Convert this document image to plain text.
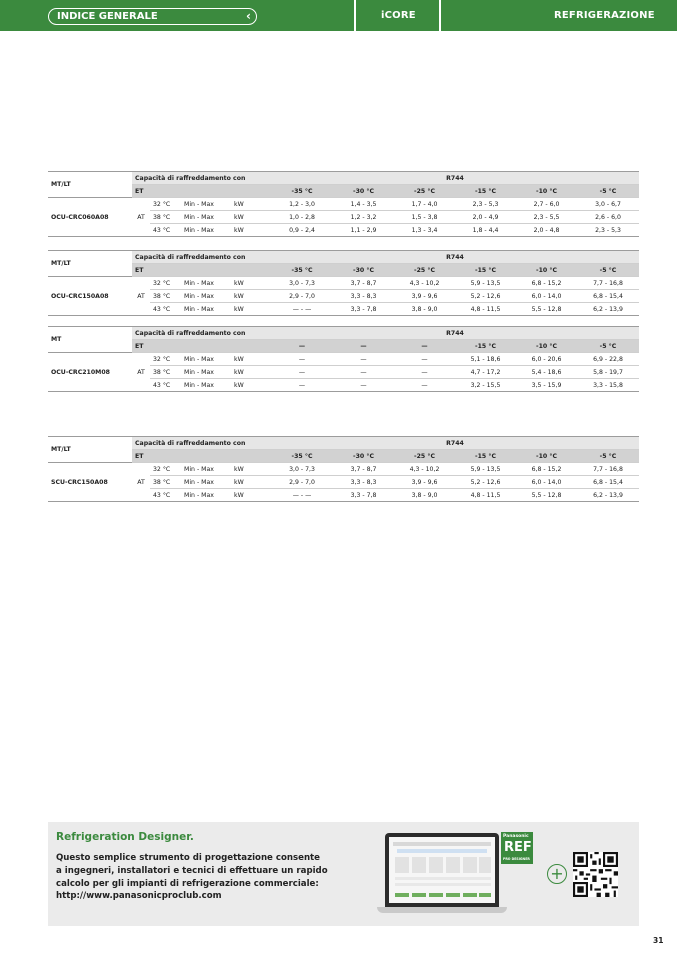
INDICE GENERALE	‹	iCORE	REFRIGERAZIONE
MT/LT	Capacità di raffreddamento con				R744					
	ET				-35 °C	-30 °C	-25 °C	-15 °C	-10 °C	-5 °C
OCU-CRC060A08	AT	32 °C	Min - Max	kW	1,2 - 3,0	1,4 - 3,5	1,7 - 4,0	2,3 - 5,3	2,7 - 6,0	3,0 - 6,7
		38 °C	Min - Max	kW	1,0 - 2,8	1,2 - 3,2	1,5 - 3,8	2,0 - 4,9	2,3 - 5,5	2,6 - 6,0
		43 °C	Min - Max	kW	0,9 - 2,4	1,1 - 2,9	1,3 - 3,4	1,8 - 4,4	2,0 - 4,8	2,3 - 5,3
MT/LT	Capacità di raffreddamento con				R744					
	ET				-35 °C	-30 °C	-25 °C	-15 °C	-10 °C	-5 °C
OCU-CRC150A08	AT	32 °C	Min - Max	kW	3,0 - 7,3	3,7 - 8,7	4,3 - 10,2	5,9 - 13,5	6,8 - 15,2	7,7 - 16,8
		38 °C	Min - Max	kW	2,9 - 7,0	3,3 - 8,3	3,9 - 9,6	5,2 - 12,6	6,0 - 14,0	6,8 - 15,4
		43 °C	Min - Max	kW	— - —	3,3 - 7,8	3,8 - 9,0	4,8 - 11,5	5,5 - 12,8	6,2 - 13,9
MT	Capacità di raffreddamento con				R744					
	ET				—	—	—	-15 °C	-10 °C	-5 °C
OCU-CRC210M08	AT	32 °C	Min - Max	kW	—	—	—	5,1 - 18,6	6,0 - 20,6	6,9 - 22,8
		38 °C	Min - Max	kW	—	—	—	4,7 - 17,2	5,4 - 18,6	5,8 - 19,7
		43 °C	Min - Max	kW	—	—	—	3,2 - 15,5	3,5 - 15,9	3,3 - 15,8
MT/LT	Capacità di raffreddamento con				R744					
	ET				-35 °C	-30 °C	-25 °C	-15 °C	-10 °C	-5 °C
SCU-CRC150A08	AT	32 °C	Min - Max	kW	3,0 - 7,3	3,7 - 8,7	4,3 - 10,2	5,9 - 13,5	6,8 - 15,2	7,7 - 16,8
		38 °C	Min - Max	kW	2,9 - 7,0	3,3 - 8,3	3,9 - 9,6	5,2 - 12,6	6,0 - 14,0	6,8 - 15,4
		43 °C	Min - Max	kW	— - —	3,3 - 7,8	3,8 - 9,0	4,8 - 11,5	5,5 - 12,8	6,2 - 13,9
Refrigeration Designer.
Questo semplice strumento di progettazione consente
a ingegneri, installatori e tecnici di effettuare un rapido
calcolo per gli impianti di refrigerazione commerciale:
http://www.panasonicproclub.com
Panasonic
REF
PRO DESIGNER
+
31
